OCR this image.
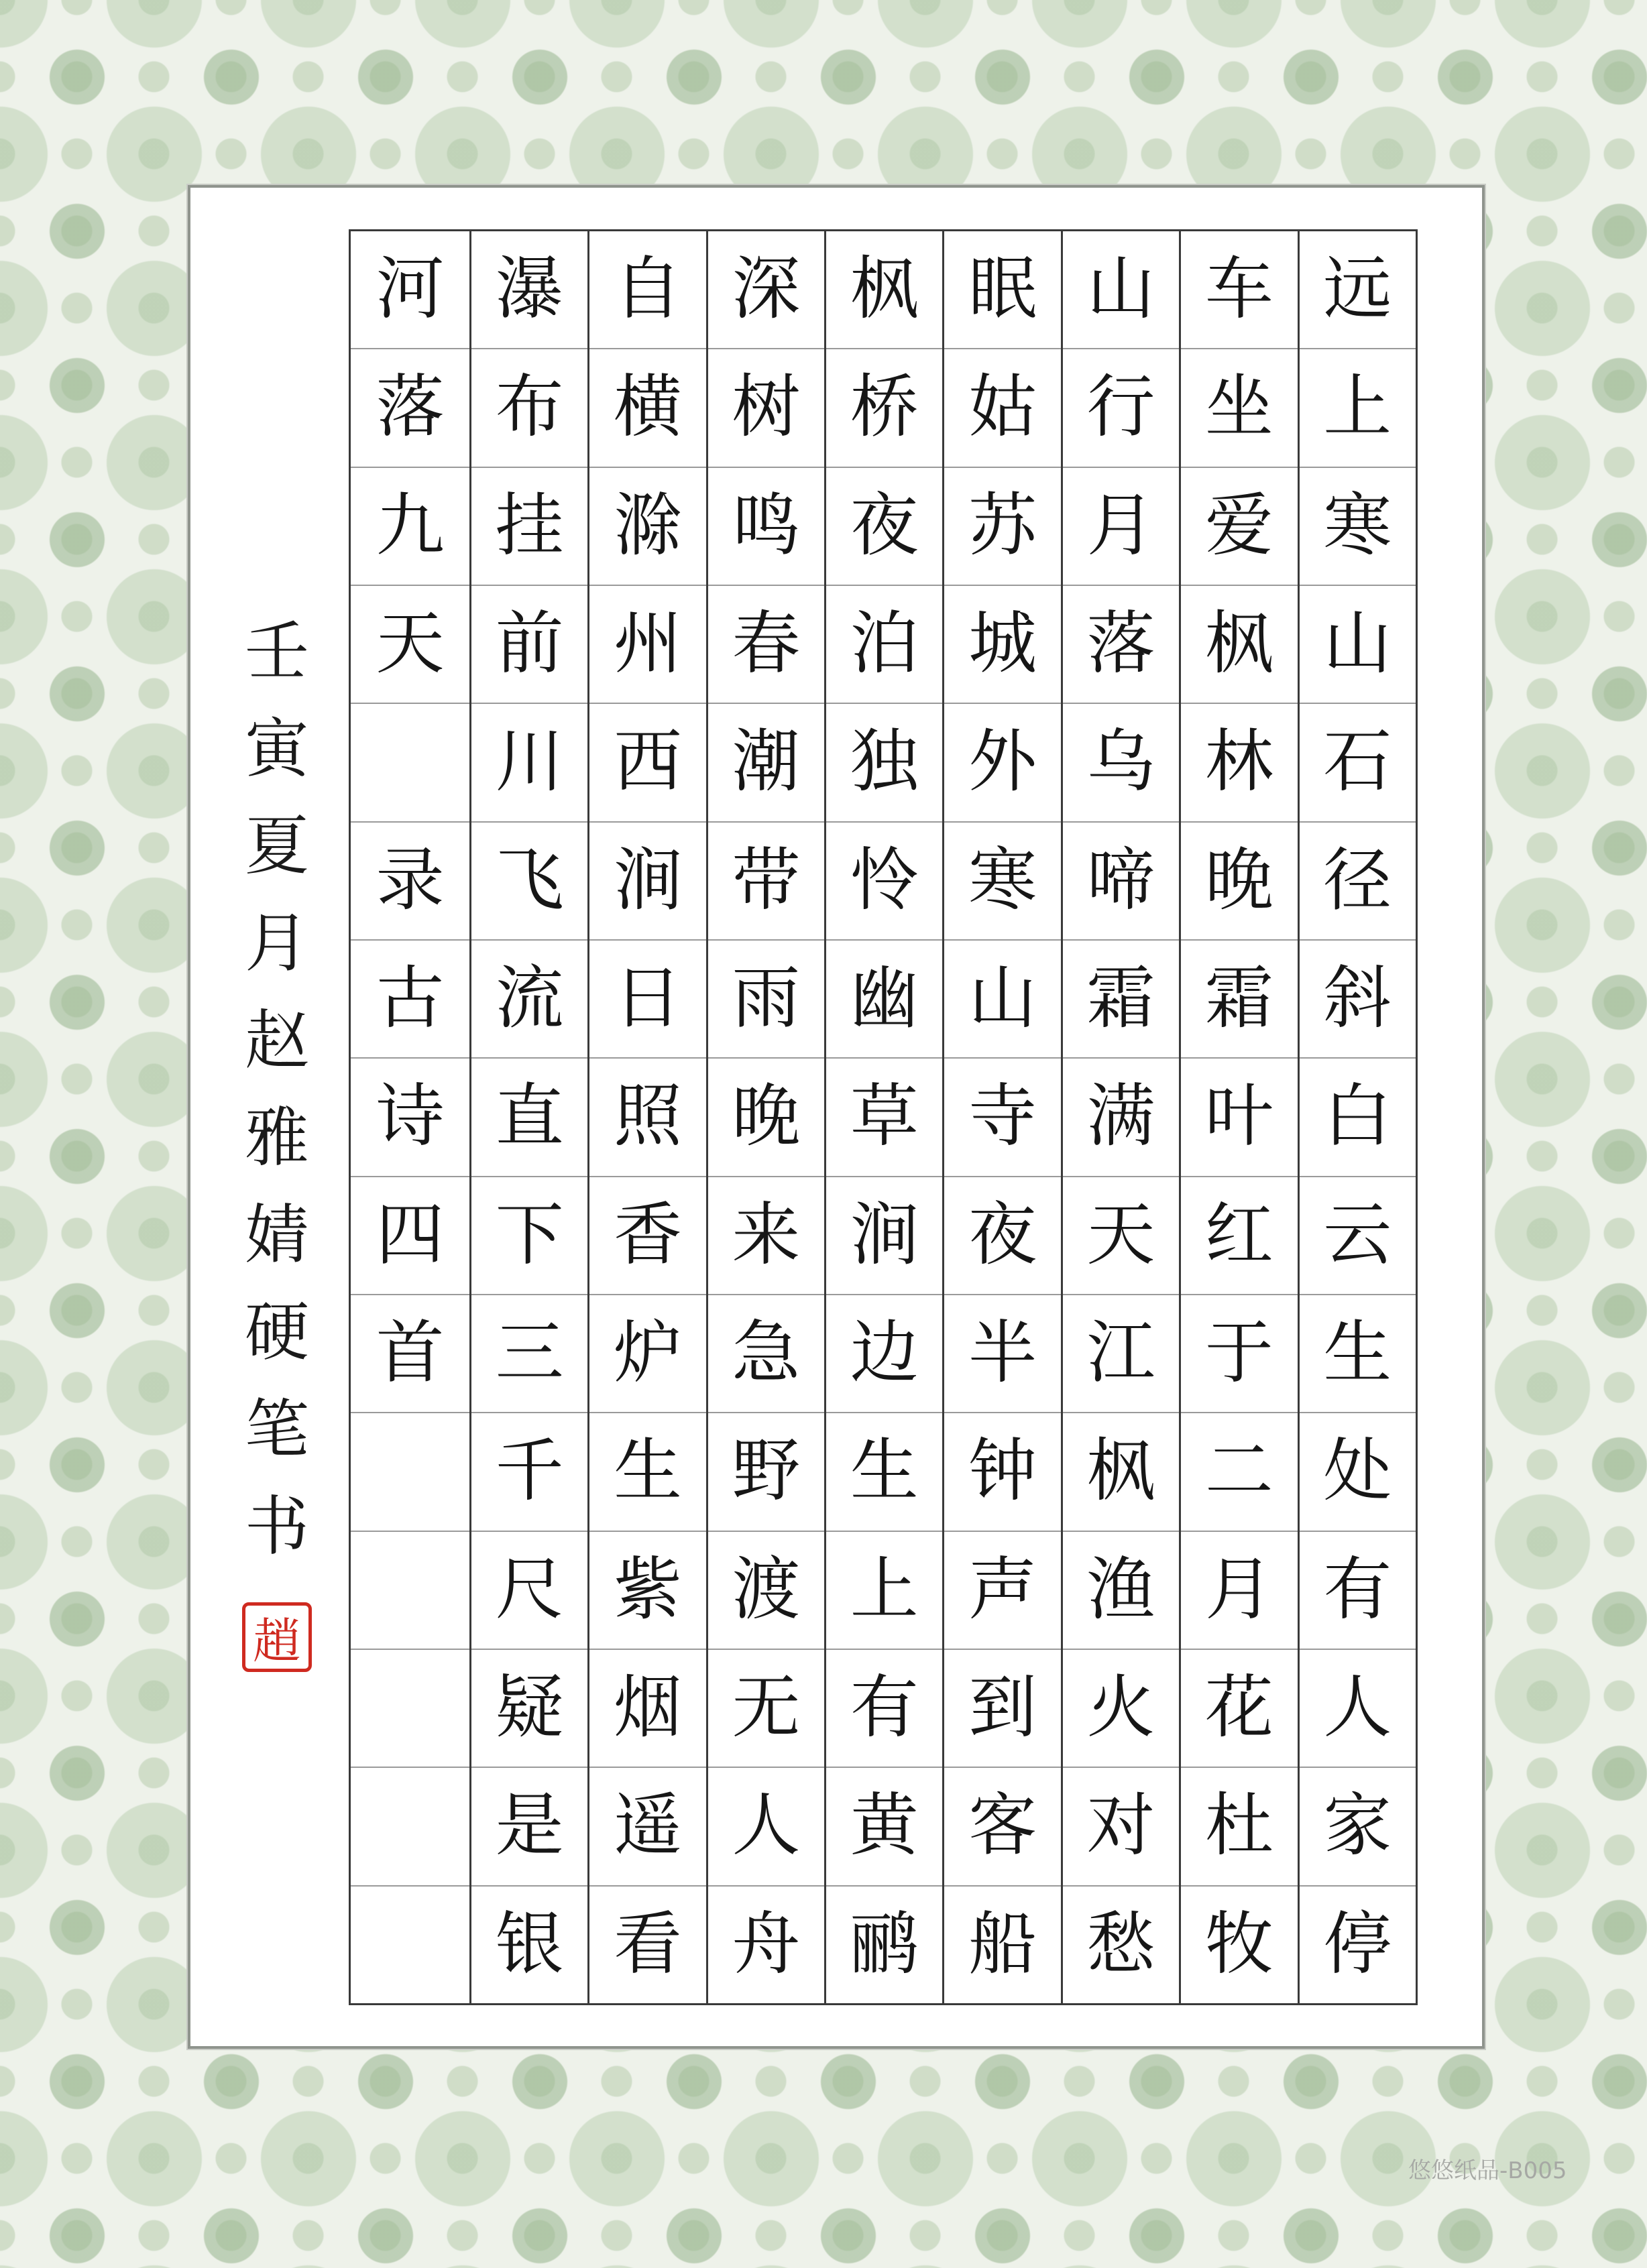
远
上
寒
山
石
径
斜
白
云
生
处
有
人
家
停
车
坐
爱
枫
林
晚
霜
叶
红
于
二
月
花
杜
牧
山
行
月
落
乌
啼
霜
满
天
江
枫
渔
火
对
愁
眠
姑
苏
城
外
寒
山
寺
夜
半
钟
声
到
客
船
枫
桥
夜
泊
独
怜
幽
草
涧
边
生
上
有
黄
鹂
深
树
鸣
春
潮
带
雨
晚
来
急
野
渡
无
人
舟
自
横
滁
州
西
涧
日
照
香
炉
生
紫
烟
遥
看
瀑
布
挂
前
川
飞
流
直
下
三
千
尺
疑
是
银
河
落
九
天
录
古
诗
四
首
壬
寅
夏
月
赵
雅
婧
硬
笔
书
趙
悠悠纸品-B005
